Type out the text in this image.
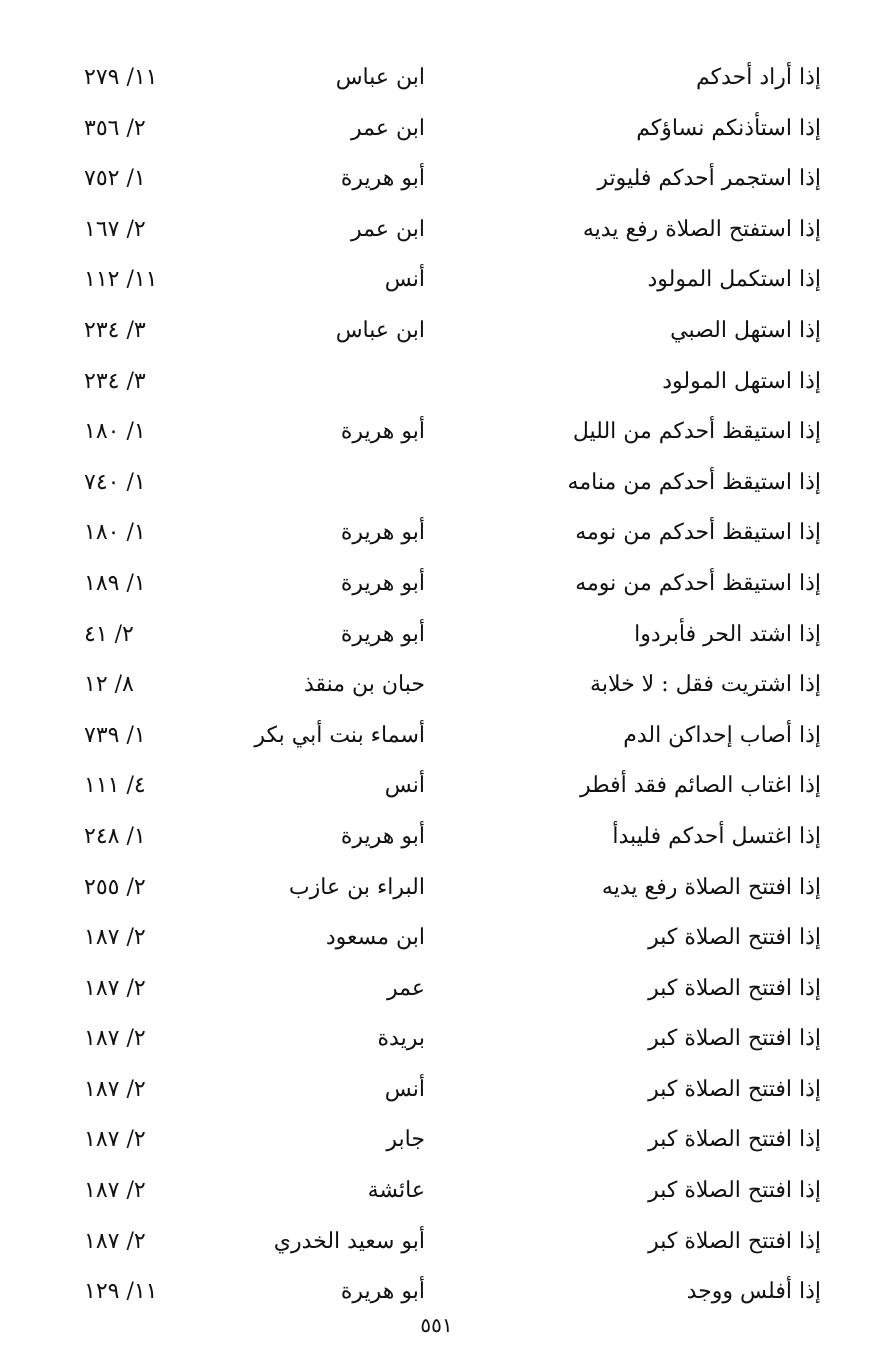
إذا أراد أحدكم
ابن عباس
١١/ ٢٧٩
إذا استأذنكم نساؤكم
ابن عمر
٢/ ٣٥٦
إذا استجمر أحدكم فليوتر
أبو هريرة
١/ ٧٥٢
إذا استفتح الصلاة رفع يديه
ابن عمر
٢/ ١٦٧
إذا استكمل المولود
أنس
١١/ ١١٢
إذا استهل الصبي
ابن عباس
٣/ ٢٣٤
إذا استهل المولود
٣/ ٢٣٤
إذا استيقظ أحدكم من الليل
أبو هريرة
١/ ١٨٠
إذا استيقظ أحدكم من منامه
١/ ٧٤٠
إذا استيقظ أحدكم من نومه
أبو هريرة
١/ ١٨٠
إذا استيقظ أحدكم من نومه
أبو هريرة
١/ ١٨٩
إذا اشتد الحر فأبردوا
أبو هريرة
٢/ ٤١
إذا اشتريت فقل : لا خلابة
حبان بن منقذ
٨/ ١٢
إذا أصاب إحداكن الدم
أسماء بنت أبي بكر
١/ ٧٣٩
إذا اغتاب الصائم فقد أفطر
أنس
٤/ ١١١
إذا اغتسل أحدكم فليبدأ
أبو هريرة
١/ ٢٤٨
إذا افتتح الصلاة رفع يديه
البراء بن عازب
٢/ ٢٥٥
إذا افتتح الصلاة كبر
ابن مسعود
٢/ ١٨٧
إذا افتتح الصلاة كبر
عمر
٢/ ١٨٧
إذا افتتح الصلاة كبر
بريدة
٢/ ١٨٧
إذا افتتح الصلاة كبر
أنس
٢/ ١٨٧
إذا افتتح الصلاة كبر
جابر
٢/ ١٨٧
إذا افتتح الصلاة كبر
عائشة
٢/ ١٨٧
إذا افتتح الصلاة كبر
أبو سعيد الخدري
٢/ ١٨٧
إذا أفلس ووجد
أبو هريرة
١١/ ١٢٩
٥٥١
